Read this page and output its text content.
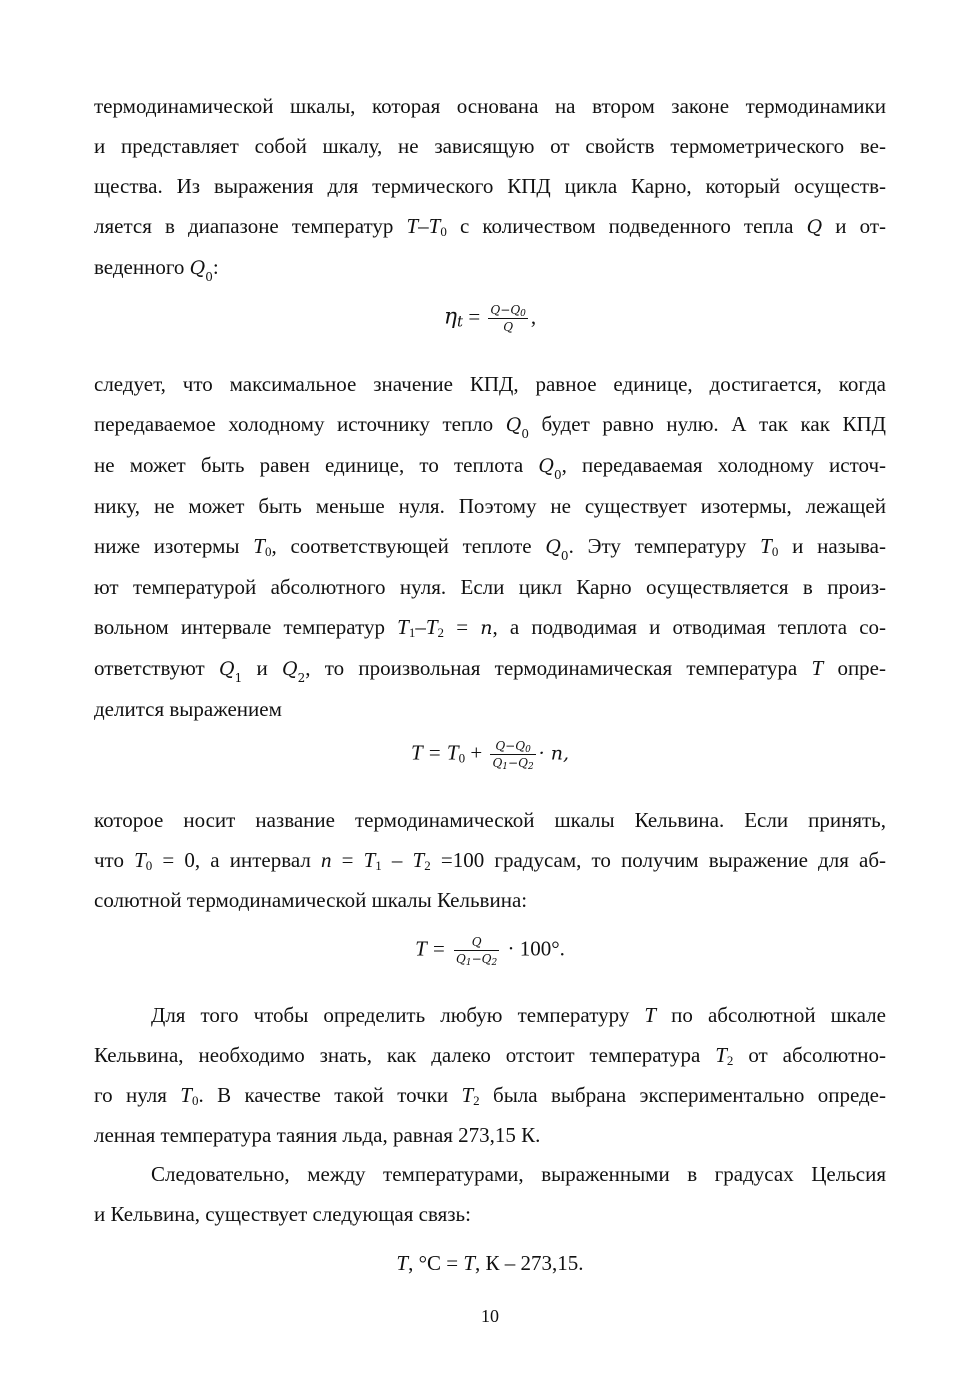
термодинамической шкалы, которая основана на втором законе термодинамики
и представляет собой шкалу, не зависящую от свойств термометрического ве-
щества. Из выражения для термического КПД цикла Карно, который осуществ-
ляется в диапазоне температур $T-T_0$ с количеством подведенного тепла Q и от-
веденного $Q_0$:

$\eta_t = \frac{Q-Q_0}{Q}$ ,

следует, что максимальное значение КПД, равное единице, достигается, когда
передаваемое холодному источнику тепло $Q_0$ будет равно нулю. А так как КПД
не может быть равен единице, то теплота $Q_0$, передаваемая холодному источ-
нику, не может быть меньше нуля. Поэтому не существует изотермы, лежащей
ниже изотермы $T_0$, соответствующей теплоте $Q_0$. Эту температуру $T_0$ и называ-
ют температурой абсолютного нуля. Если цикл Карно осуществляется в произ-
вольном интервале температур $T_1-T_2 = n$, а подводимая и отводимая теплота со-
ответствуют $Q_1$ и $Q_2$, то произвольная термодинамическая температура T опре-
делится выражением

$T = T_0 + \frac{Q-Q_0}{Q_1-Q_2} \cdot n$,

которое носит название термодинамической шкалы Кельвина. Если принять,
что $T_0 = 0$, а интервал $n = T_1 - T_2 =100$ градусам, то получим выражение для аб-
солютной термодинамической шкалы Кельвина:

$T = \frac{Q}{Q_1-Q_2} \cdot 100^\circ$.

Для того чтобы определить любую температуру T по абсолютной шкале
Кельвина, необходимо знать, как далеко отстоит температура $T_2$ от абсолютно-
го нуля $T_0$. В качестве такой точки $T_2$ была выбрана экспериментально опреде-
ленная температура таяния льда, равная 273,15 К.

Следовательно, между температурами, выраженными в градусах Цельсия
и Кельвина, существует следующая связь:

T, °С = T, К – 273,15.
10
